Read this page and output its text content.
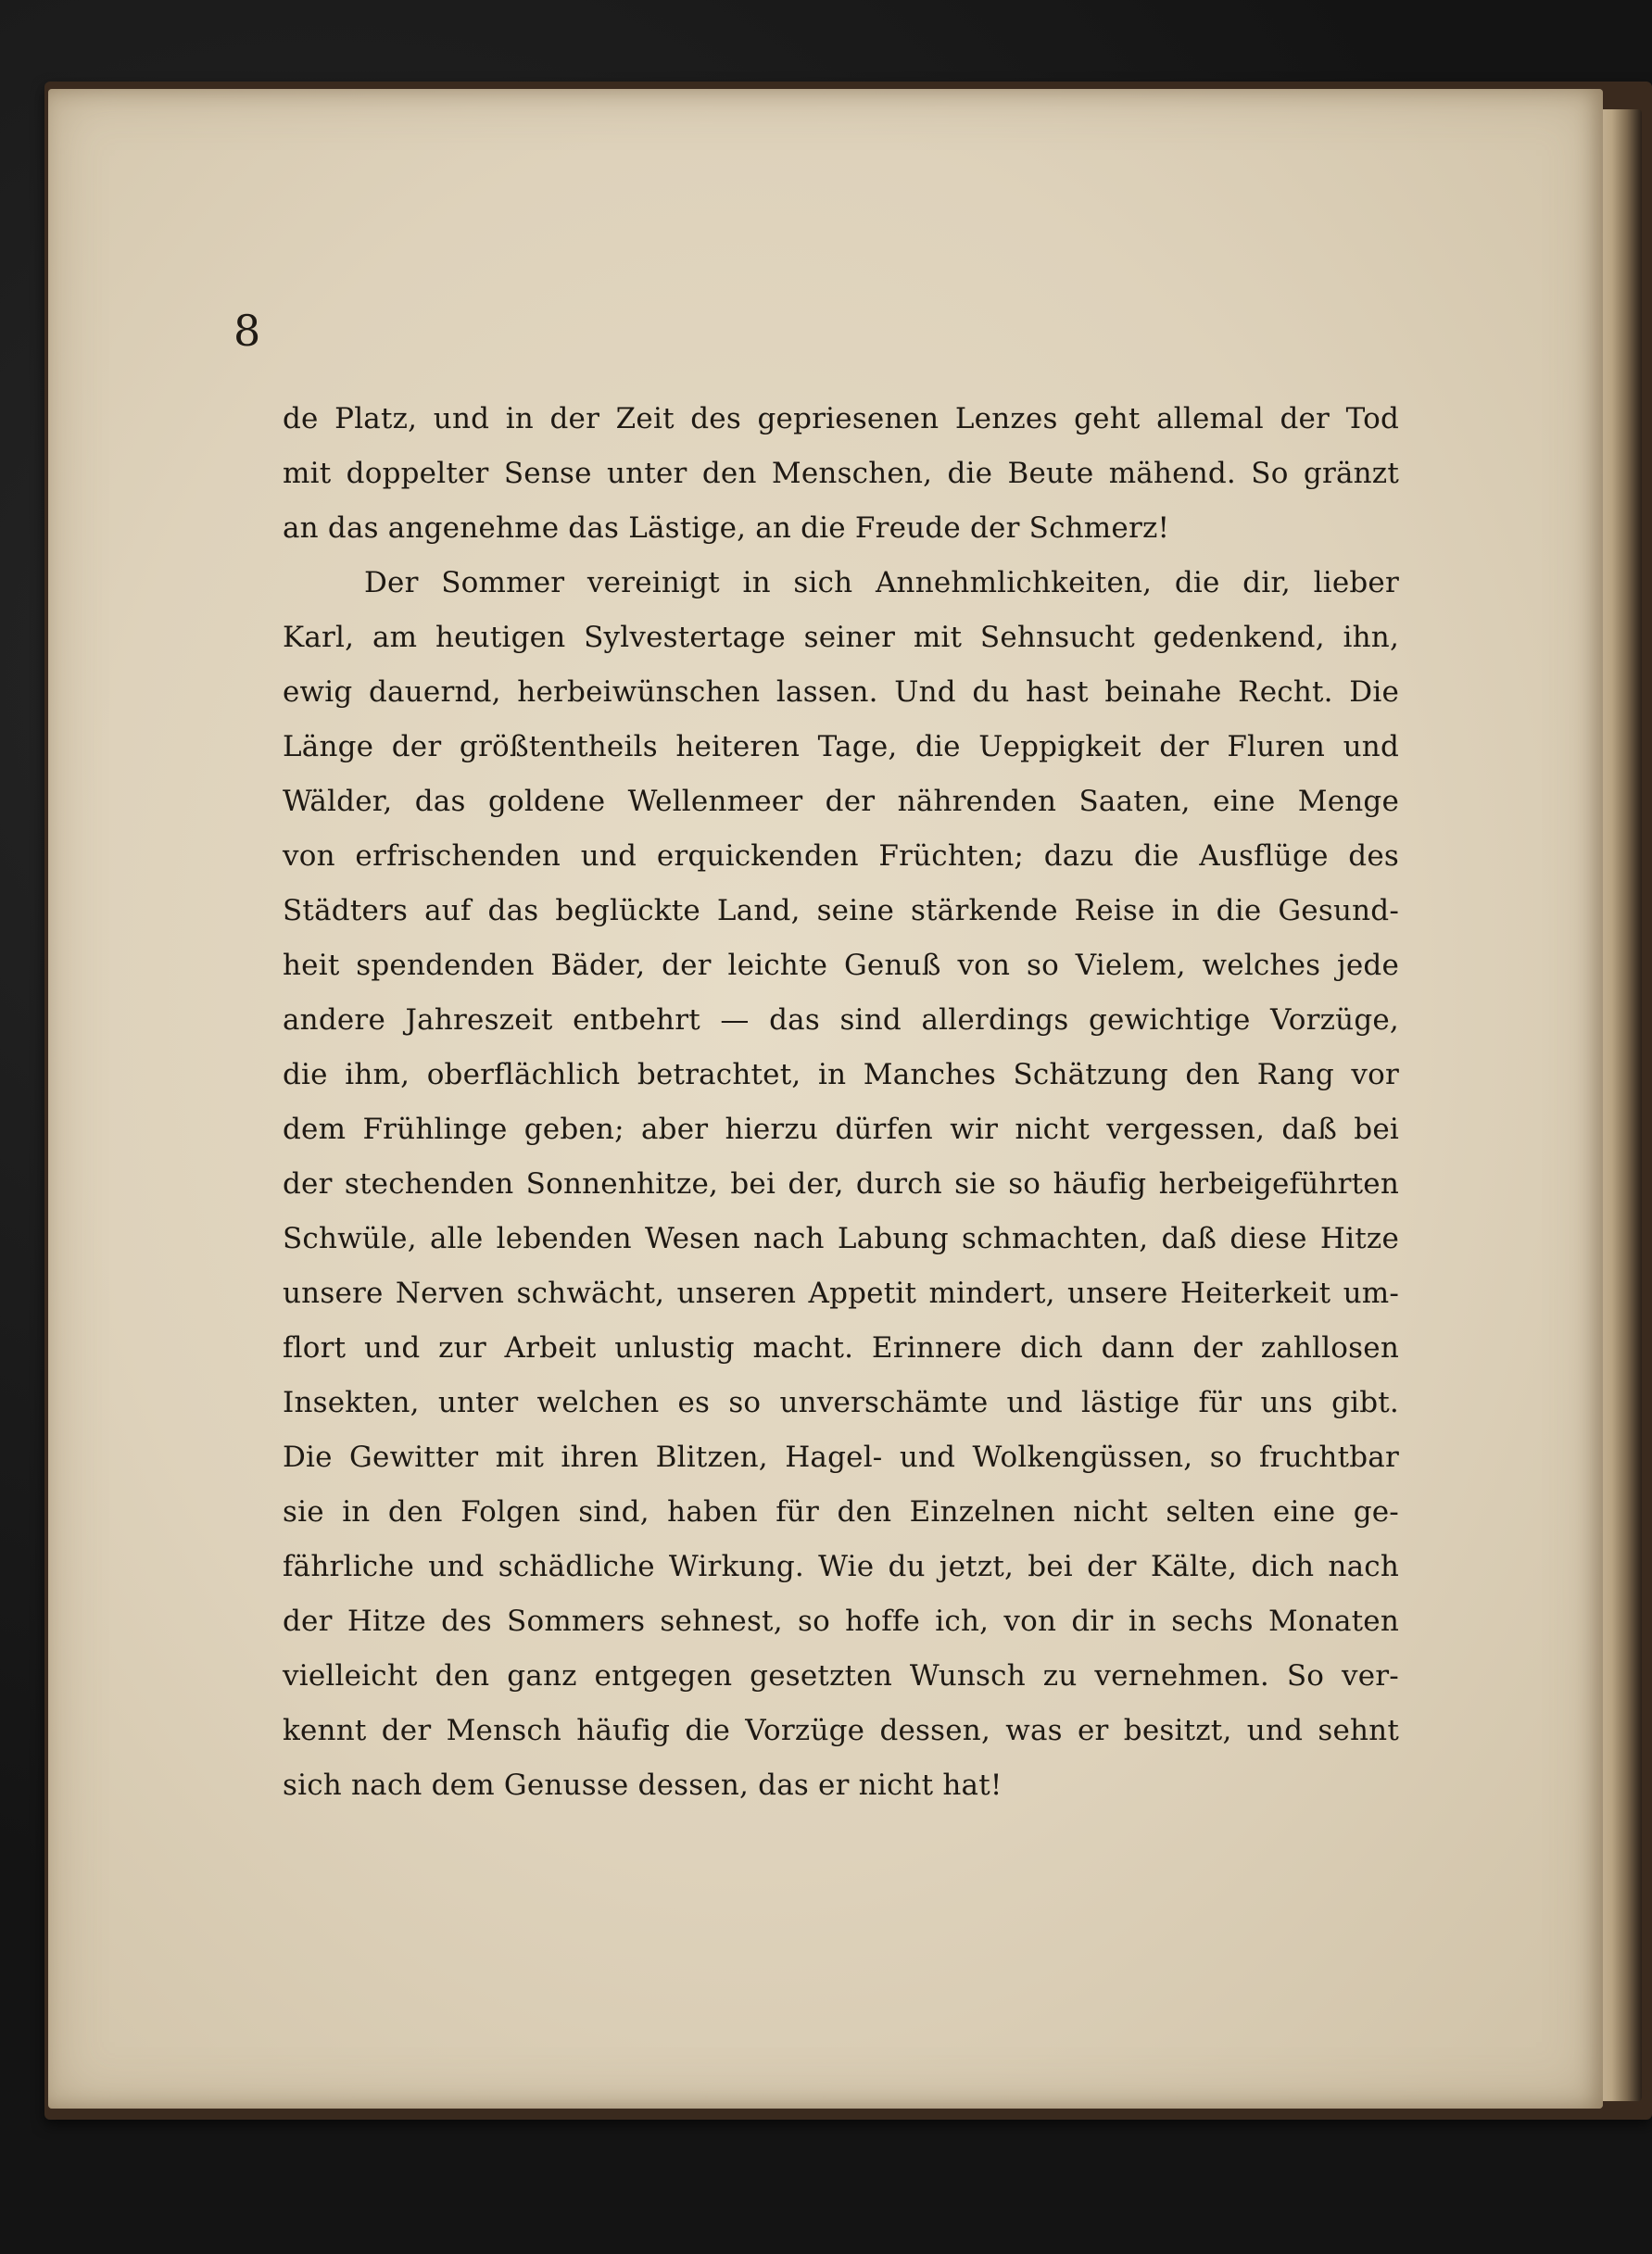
8
de Platz, und in der Zeit des gepriesenen Lenzes geht allemal der Tod
mit doppelter Sense unter den Menschen, die Beute mähend. So gränzt
an das angenehme das Lästige, an die Freude der Schmerz!
Der Sommer vereinigt in sich Annehmlichkeiten, die dir, lieber
Karl, am heutigen Sylvestertage seiner mit Sehnsucht gedenkend, ihn,
ewig dauernd, herbeiwünschen lassen. Und du hast beinahe Recht. Die
Länge der größtentheils heiteren Tage, die Ueppigkeit der Fluren und
Wälder, das goldene Wellenmeer der nährenden Saaten, eine Menge
von erfrischenden und erquickenden Früchten; dazu die Ausflüge des
Städters auf das beglückte Land, seine stärkende Reise in die Gesund-
heit spendenden Bäder, der leichte Genuß von so Vielem, welches jede
andere Jahreszeit entbehrt — das sind allerdings gewichtige Vorzüge,
die ihm, oberflächlich betrachtet, in Manches Schätzung den Rang vor
dem Frühlinge geben; aber hierzu dürfen wir nicht vergessen, daß bei
der stechenden Sonnenhitze, bei der, durch sie so häufig herbeigeführten
Schwüle, alle lebenden Wesen nach Labung schmachten, daß diese Hitze
unsere Nerven schwächt, unseren Appetit mindert, unsere Heiterkeit um-
flort und zur Arbeit unlustig macht. Erinnere dich dann der zahllosen
Insekten, unter welchen es so unverschämte und lästige für uns gibt.
Die Gewitter mit ihren Blitzen, Hagel- und Wolkengüssen, so fruchtbar
sie in den Folgen sind, haben für den Einzelnen nicht selten eine ge-
fährliche und schädliche Wirkung. Wie du jetzt, bei der Kälte, dich nach
der Hitze des Sommers sehnest, so hoffe ich, von dir in sechs Monaten
vielleicht den ganz entgegen gesetzten Wunsch zu vernehmen. So ver-
kennt der Mensch häufig die Vorzüge dessen, was er besitzt, und sehnt
sich nach dem Genusse dessen, das er nicht hat!
